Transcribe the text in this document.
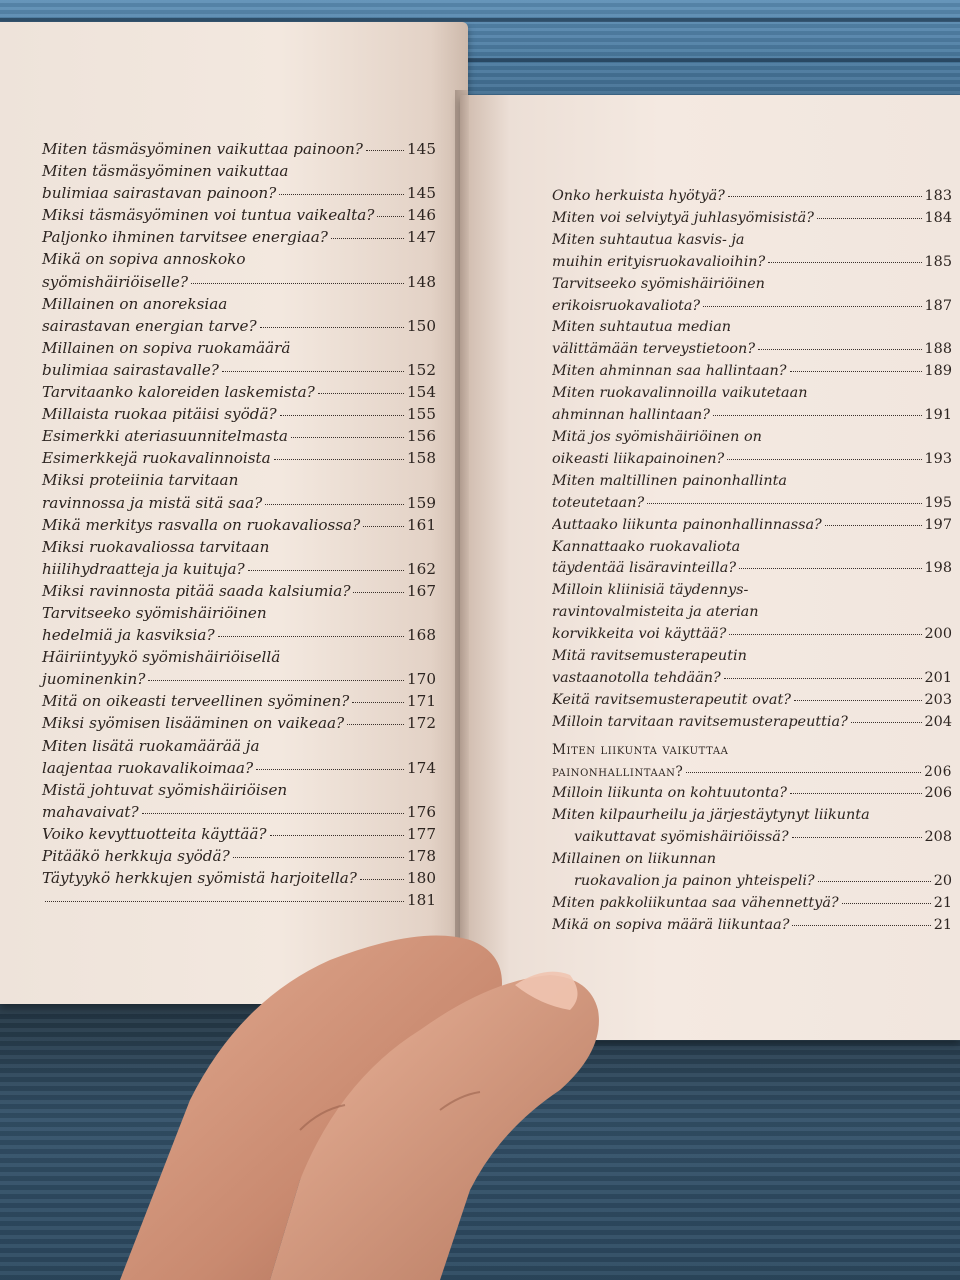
Miten täsmäsyöminen vaikuttaa painoon?	145
Miten täsmäsyöminen vaikuttaa
bulimiaa sairastavan painoon?	145
Miksi täsmäsyöminen voi tuntua vaikealta? 146
Paljonko ihminen tarvitsee energiaa?	147
Mikä on sopiva annoskoko
syömishäiriöiselle?	148
Millainen on anoreksiaa
sairastavan energian tarve?	150
Millainen on sopiva ruokamäärä
bulimiaa sairastavalle?	152
Tarvitaanko kaloreiden laskemista?	154
Millaista ruokaa pitäisi syödä?	155
Esimerkki ateriasuunnitelmasta	156
Esimerkkejä ruokavalinnoista	158
Miksi proteiinia tarvitaan
ravinnossa ja mistä sitä saa?	159
Mikä merkitys rasvalla on ruokavaliossa?	161
Miksi ruokavaliossa tarvitaan
hiilihydraatteja ja kuituja?	162
Miksi ravinnosta pitää saada kalsiumia?	167
Tarvitseeko syömishäiriöinen
hedelmiä ja kasviksia?	168
Häiriintyykö syömishäiriöisellä
juominenkin?	170
Mitä on oikeasti terveellinen syöminen?	171
Miksi syömisen lisääminen on vaikeaa?	172
Miten lisätä ruokamäärää ja
laajentaa ruokavalikoimaa?	174
Mistä johtuvat syömishäiriöisen
mahavaivat?	176
Voiko kevyttuotteita käyttää?	177
Pitääkö herkkuja syödä?	178
Täytyykö herkkujen syömistä harjoitella?	180
181
Onko herkuista hyötyä?	183
Miten voi selviytyä juhlasyömisistä?	184
Miten suhtautua kasvis- ja
muihin erityisruokavalioihin?	185
Tarvitseeko syömishäiriöinen
erikoisruokavaliota?	187
Miten suhtautua median
välittämään terveystietoon?	188
Miten ahminnan saa hallintaan?	189
Miten ruokavalinnoilla vaikutetaan
ahminnan hallintaan?	191
Mitä jos syömishäiriöinen on
oikeasti liikapainoinen?	193
Miten maltillinen painonhallinta
toteutetaan?	195
Auttaako liikunta painonhallinnassa?	197
Kannattaako ruokavaliota
täydentää lisäravinteilla?	198
Milloin kliinisiä täydennys-
ravintovalmisteita ja aterian
korvikkeita voi käyttää?	200
Mitä ravitsemusterapeutin
vastaanotolla tehdään?	201
Keitä ravitsemusterapeutit ovat?	203
Milloin tarvitaan ravitsemusterapeuttia?	204
Miten liikunta vaikuttaa
painonhallintaan?	206
Milloin liikunta on kohtuutonta?	206
Miten kilpaurheilu ja järjestäytynyt liikunta
vaikuttavat syömishäiriöissä?	208
Millainen on liikunnan
ruokavalion ja painon yhteispeli?	20
Miten pakkoliikuntaa saa vähennettyä?	21
Mikä on sopiva määrä liikuntaa?	21
